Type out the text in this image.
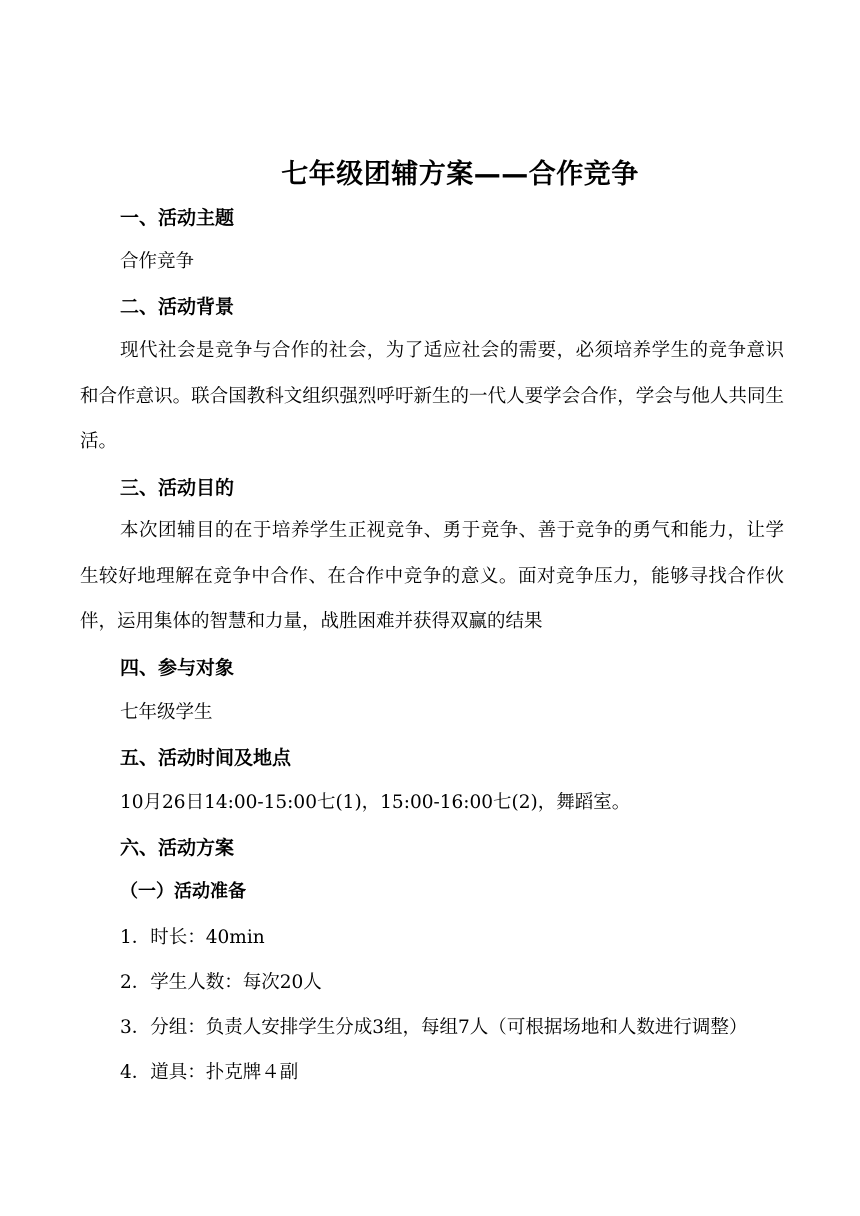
七年级团辅方案——合作竞争
一、活动主题
合作竞争
二、活动背景
现代社会是竞争与合作的社会，为了适应社会的需要，必须培养学生的竞争意识和合作意识。联合国教科文组织强烈呼吁新生的一代人要学会合作，学会与他人共同生活。
三、活动目的
本次团辅目的在于培养学生正视竞争、勇于竞争、善于竞争的勇气和能力，让学生较好地理解在竞争中合作、在合作中竞争的意义。面对竞争压力，能够寻找合作伙伴，运用集体的智慧和力量，战胜困难并获得双赢的结果
四、参与对象
七年级学生
五、活动时间及地点
10月26日14:00-15:00七(1)，15:00-16:00七(2)，舞蹈室。
六、活动方案
（一）活动准备
1．时长：40min
2．学生人数：每次20人
3．分组：负责人安排学生分成3组，每组7人（可根据场地和人数进行调整）
4．道具：扑克牌４副
